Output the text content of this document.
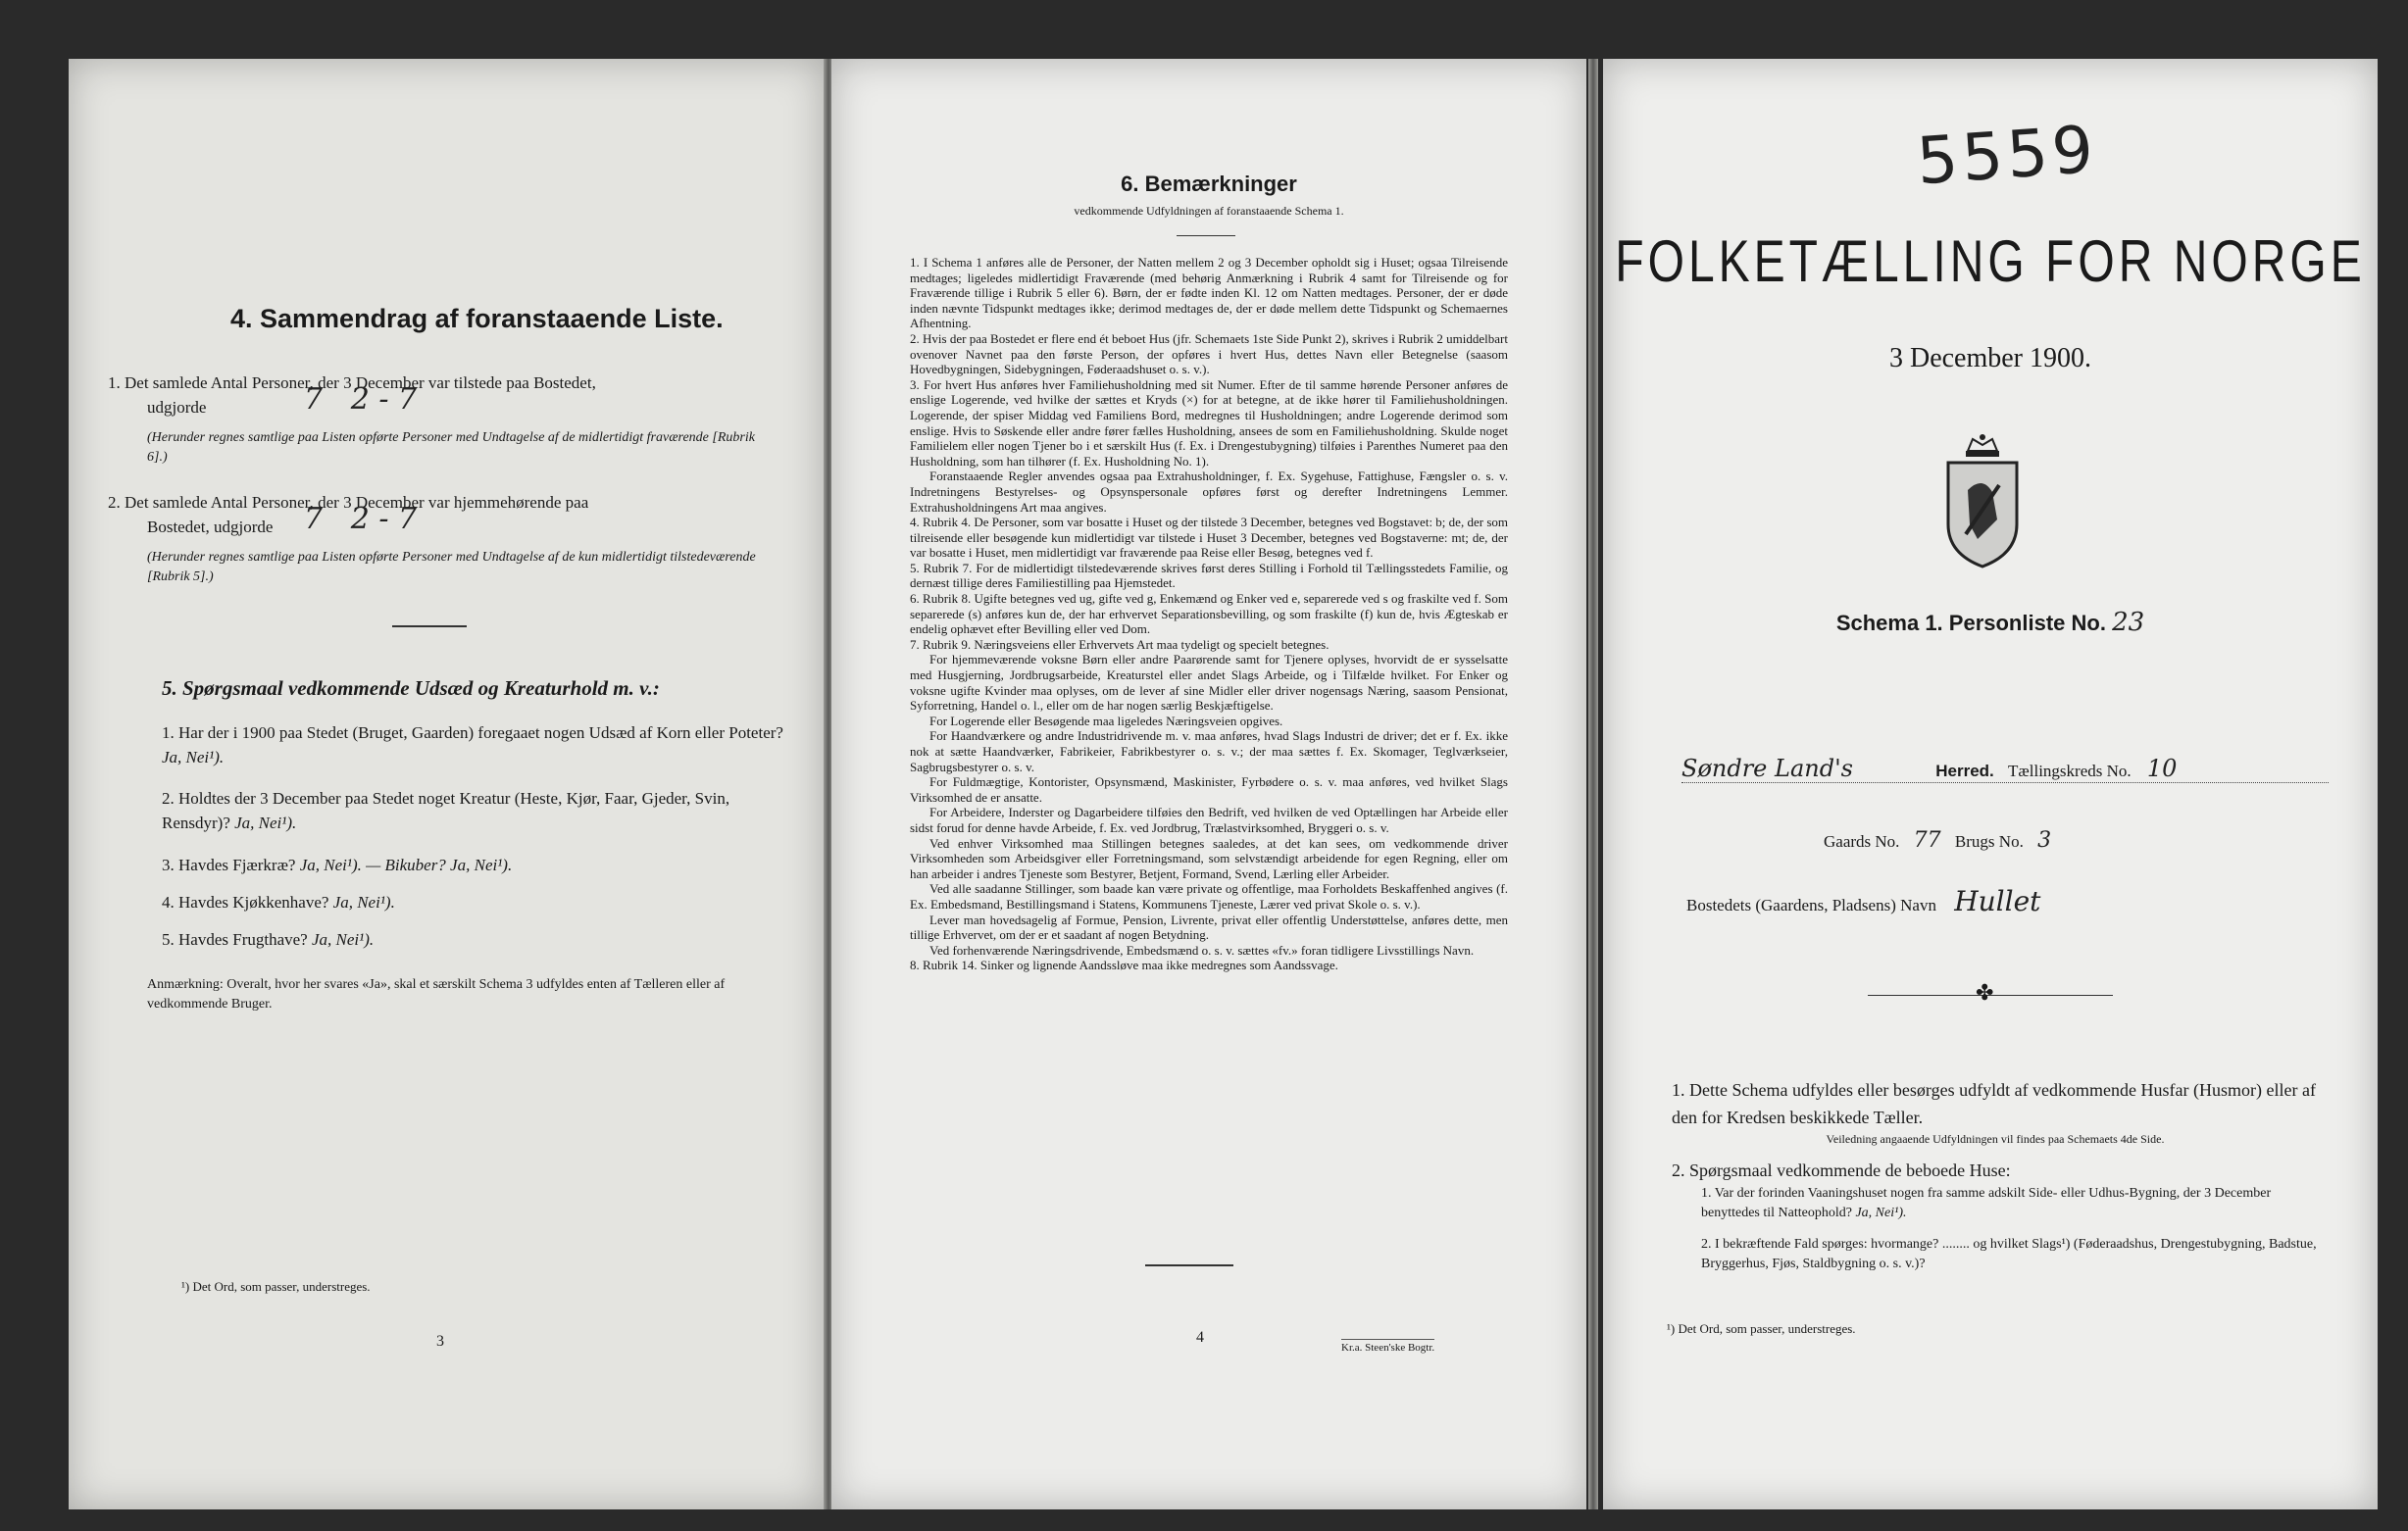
4. Sammendrag af foranstaaende Liste.
1. Det samlede Antal Personer, der 3 December var tilstede paa Bostedet,
udgjorde	7   2 - 7
(Herunder regnes samtlige paa Listen opførte Personer med Undtagelse af de midlertidigt fraværende [Rubrik 6].)
2. Det samlede Antal Personer, der 3 December var hjemmehørende paa
Bostedet, udgjorde 7   2 - 7
(Herunder regnes samtlige paa Listen opførte Personer med Undtagelse af de kun midlertidigt tilstedeværende [Rubrik 5].)
5. Spørgsmaal vedkommende Udsæd og Kreaturhold m. v.:
1. Har der i 1900 paa Stedet (Bruget, Gaarden) foregaaet nogen Udsæd af Korn eller Poteter? Ja, Nei¹).
2. Holdtes der 3 December paa Stedet noget Kreatur (Heste, Kjør, Faar, Gjeder, Svin, Rensdyr)? Ja, Nei¹).
3. Havdes Fjærkræ? Ja, Nei¹). — Bikuber? Ja, Nei¹).
4. Havdes Kjøkkenhave? Ja, Nei¹).
5. Havdes Frugthave? Ja, Nei¹).
Anmærkning: Overalt, hvor her svares «Ja», skal et særskilt Schema 3 udfyldes enten af Tælleren eller af vedkommende Bruger.
¹) Det Ord, som passer, understreges.
3
6. Bemærkninger
vedkommende Udfyldningen af foranstaaende Schema 1.

1. I Schema 1 anføres alle de Personer, der Natten mellem 2 og 3 December opholdt sig i Huset; ogsaa Tilreisende medtages; ligeledes midlertidigt Fraværende (med behørig Anmærkning i Rubrik 4 samt for Tilreisende og for Fraværende tillige i Rubrik 5 eller 6). Børn, der er fødte inden Kl. 12 om Natten medtages. Personer, der er døde inden nævnte Tidspunkt medtages ikke; derimod medtages de, der er døde mellem dette Tidspunkt og Schemaernes Afhentning.

2. Hvis der paa Bostedet er flere end ét beboet Hus (jfr. Schemaets 1ste Side Punkt 2), skrives i Rubrik 2 umiddelbart ovenover Navnet paa den første Person, der opføres i hvert Hus, dettes Navn eller Betegnelse (saasom Hovedbygningen, Sidebygningen, Føderaadshuset o. s. v.).

3. For hvert Hus anføres hver Familiehusholdning med sit Numer. Efter de til samme hørende Personer anføres de enslige Logerende, ved hvilke der sættes et Kryds (×) for at betegne, at de ikke hører til Familiehusholdningen. Logerende, der spiser Middag ved Familiens Bord, medregnes til Husholdningen; andre Logerende derimod som enslige. Hvis to Søskende eller andre fører fælles Husholdning, ansees de som en Familiehusholdning. Skulde noget Familielem eller nogen Tjener bo i et særskilt Hus (f. Ex. i Drengestubygning) tilføies i Parenthes Numeret paa den Husholdning, som han tilhører (f. Ex. Husholdning No. 1).

Foranstaaende Regler anvendes ogsaa paa Extrahusholdninger, f. Ex. Sygehuse, Fattighuse, Fængsler o. s. v. Indretningens Bestyrelses- og Opsynspersonale opføres først og derefter Indretningens Lemmer. Extrahusholdningens Art maa angives.

4. Rubrik 4. De Personer, som var bosatte i Huset og der tilstede 3 December, betegnes ved Bogstavet: b; de, der som tilreisende eller besøgende kun midlertidigt var tilstede i Huset 3 December, betegnes ved Bogstaverne: mt; de, der var bosatte i Huset, men midlertidigt var fraværende paa Reise eller Besøg, betegnes ved f.

5. Rubrik 7. For de midlertidigt tilstedeværende skrives først deres Stilling i Forhold til Tællingsstedets Familie, og dernæst tillige deres Familiestilling paa Hjemstedet.

6. Rubrik 8. Ugifte betegnes ved ug, gifte ved g, Enkemænd og Enker ved e, separerede ved s og fraskilte ved f. Som separerede (s) anføres kun de, der har erhvervet Separationsbevilling, og som fraskilte (f) kun de, hvis Ægteskab er endelig ophævet efter Bevilling eller ved Dom.

7. Rubrik 9. Næringsveiens eller Erhvervets Art maa tydeligt og specielt betegnes.

For hjemmeværende voksne Børn eller andre Paarørende samt for Tjenere oplyses, hvorvidt de er sysselsatte med Husgjerning, Jordbrugsarbeide, Kreaturstel eller andet Slags Arbeide, og i Tilfælde hvilket. For Enker og voksne ugifte Kvinder maa oplyses, om de lever af sine Midler eller driver nogensags Næring, saasom Pensionat, Syforretning, Handel o. l., eller om de har nogen særlig Beskjæftigelse.

For Logerende eller Besøgende maa ligeledes Næringsveien opgives.

For Haandværkere og andre Industridrivende m. v. maa anføres, hvad Slags Industri de driver; det er f. Ex. ikke nok at sætte Haandværker, Fabrikeier, Fabrikbestyrer o. s. v.; der maa sættes f. Ex. Skomager, Teglværkseier, Sagbrugsbestyrer o. s. v.

For Fuldmægtige, Kontorister, Opsynsmænd, Maskinister, Fyrbødere o. s. v. maa anføres, ved hvilket Slags Virksomhed de er ansatte.

For Arbeidere, Inderster og Dagarbeidere tilføies den Bedrift, ved hvilken de ved Optællingen har Arbeide eller sidst forud for denne havde Arbeide, f. Ex. ved Jordbrug, Trælastvirksomhed, Bryggeri o. s. v.

Ved enhver Virksomhed maa Stillingen betegnes saaledes, at det kan sees, om vedkommende driver Virksomheden som Arbeidsgiver eller Forretningsmand, som selvstændigt arbeidende for egen Regning, eller om han arbeider i andres Tjeneste som Bestyrer, Betjent, Formand, Svend, Lærling eller Arbeider.

Ved alle saadanne Stillinger, som baade kan være private og offentlige, maa Forholdets Beskaffenhed angives (f. Ex. Embedsmand, Bestillingsmand i Statens, Kommunens Tjeneste, Lærer ved privat Skole o. s. v.).

Lever man hovedsagelig af Formue, Pension, Livrente, privat eller offentlig Understøttelse, anføres dette, men tillige Erhvervet, om der er et saadant af nogen Betydning.

Ved forhenværende Næringsdrivende, Embedsmænd o. s. v. sættes «fv.» foran tidligere Livsstillings Navn.

8. Rubrik 14. Sinker og lignende Aandssløve maa ikke medregnes som Aandssvage.

4
Kr.a. Steen'ske Bogtr.
FOLKETÆLLING FOR NORGE
3 December 1900.
Schema 1. Personliste No. 23
Søndre Land's	Herred. Tællingskreds No. 10
Gaards No. 77 Brugs No. 3
Bostedets (Gaardens, Pladsens) Navn Hullet
✤
1. Dette Schema udfyldes eller besørges udfyldt af vedkommende Husfar (Husmor) eller af den for Kredsen beskikkede Tæller.
Veiledning angaaende Udfyldningen vil findes paa Schemaets 4de Side.
2. Spørgsmaal vedkommende de beboede Huse:
1. Var der forinden Vaaningshuset nogen fra samme adskilt Side- eller Udhus-Bygning, der 3 December benyttedes til Natteophold? Ja, Nei¹).
2. I bekræftende Fald spørges: hvormange? ........ og hvilket Slags¹) (Føderaadshus, Drengestubygning, Badstue, Bryggerhus, Fjøs, Staldbygning o. s. v.)?
¹) Det Ord, som passer, understreges.
5559
